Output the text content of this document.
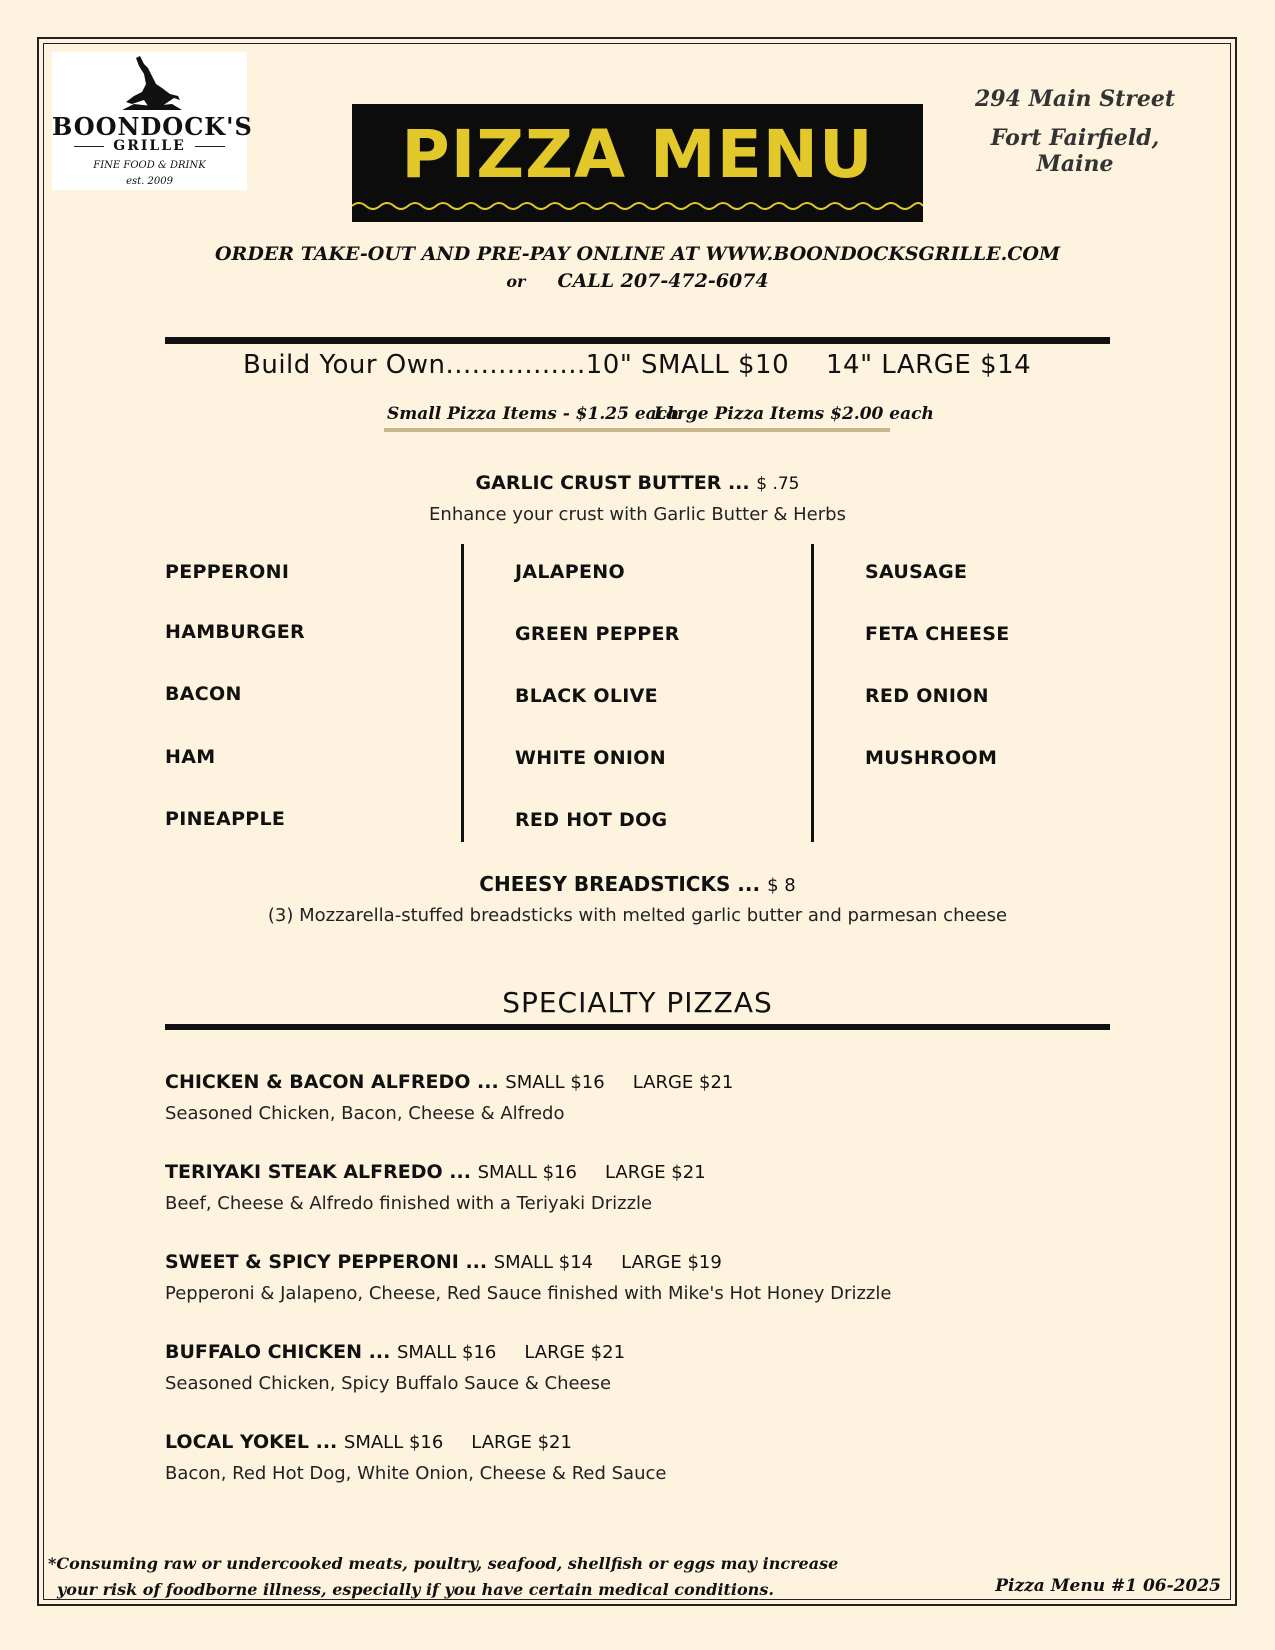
BOONDOCK'S
GRILLE
FINE FOOD & DRINK
est. 2009	PIZZA MENU
294 Main Street
Fort Fairfield, Maine
ORDER TAKE-OUT AND PRE-PAY ONLINE AT WWW.BOONDOCKSGRILLE.COM
or CALL 207-472-6074
Build Your Own................10" SMALL $10 14" LARGE $14
Small Pizza Items - $1.25 each
Large Pizza Items $2.00 each
GARLIC CRUST BUTTER ... $ .75
Enhance your crust with Garlic Butter & Herbs
PEPPERONI
HAMBURGER
BACON
HAM
PINEAPPLE
JALAPENO
GREEN PEPPER
BLACK OLIVE
WHITE ONION
RED HOT DOG
SAUSAGE
FETA CHEESE
RED ONION
MUSHROOM
CHEESY BREADSTICKS ... $ 8
(3) Mozzarella-stuffed breadsticks with melted garlic butter and parmesan cheese
SPECIALTY PIZZAS
CHICKEN & BACON ALFREDO ... SMALL $16 LARGE $21
Seasoned Chicken, Bacon, Cheese & Alfredo
TERIYAKI STEAK ALFREDO ... SMALL $16 LARGE $21
Beef, Cheese & Alfredo finished with a Teriyaki Drizzle
SWEET & SPICY PEPPERONI ... SMALL $14 LARGE $19
Pepperoni & Jalapeno, Cheese, Red Sauce finished with Mike's Hot Honey Drizzle
BUFFALO CHICKEN ... SMALL $16 LARGE $21
Seasoned Chicken, Spicy Buffalo Sauce & Cheese
LOCAL YOKEL ... SMALL $16 LARGE $21
Bacon, Red Hot Dog, White Onion, Cheese & Red Sauce
*Consuming raw or undercooked meats, poultry, seafood, shellfish or eggs may increase
your risk of foodborne illness, especially if you have certain medical conditions.	Pizza Menu #1 06-2025
